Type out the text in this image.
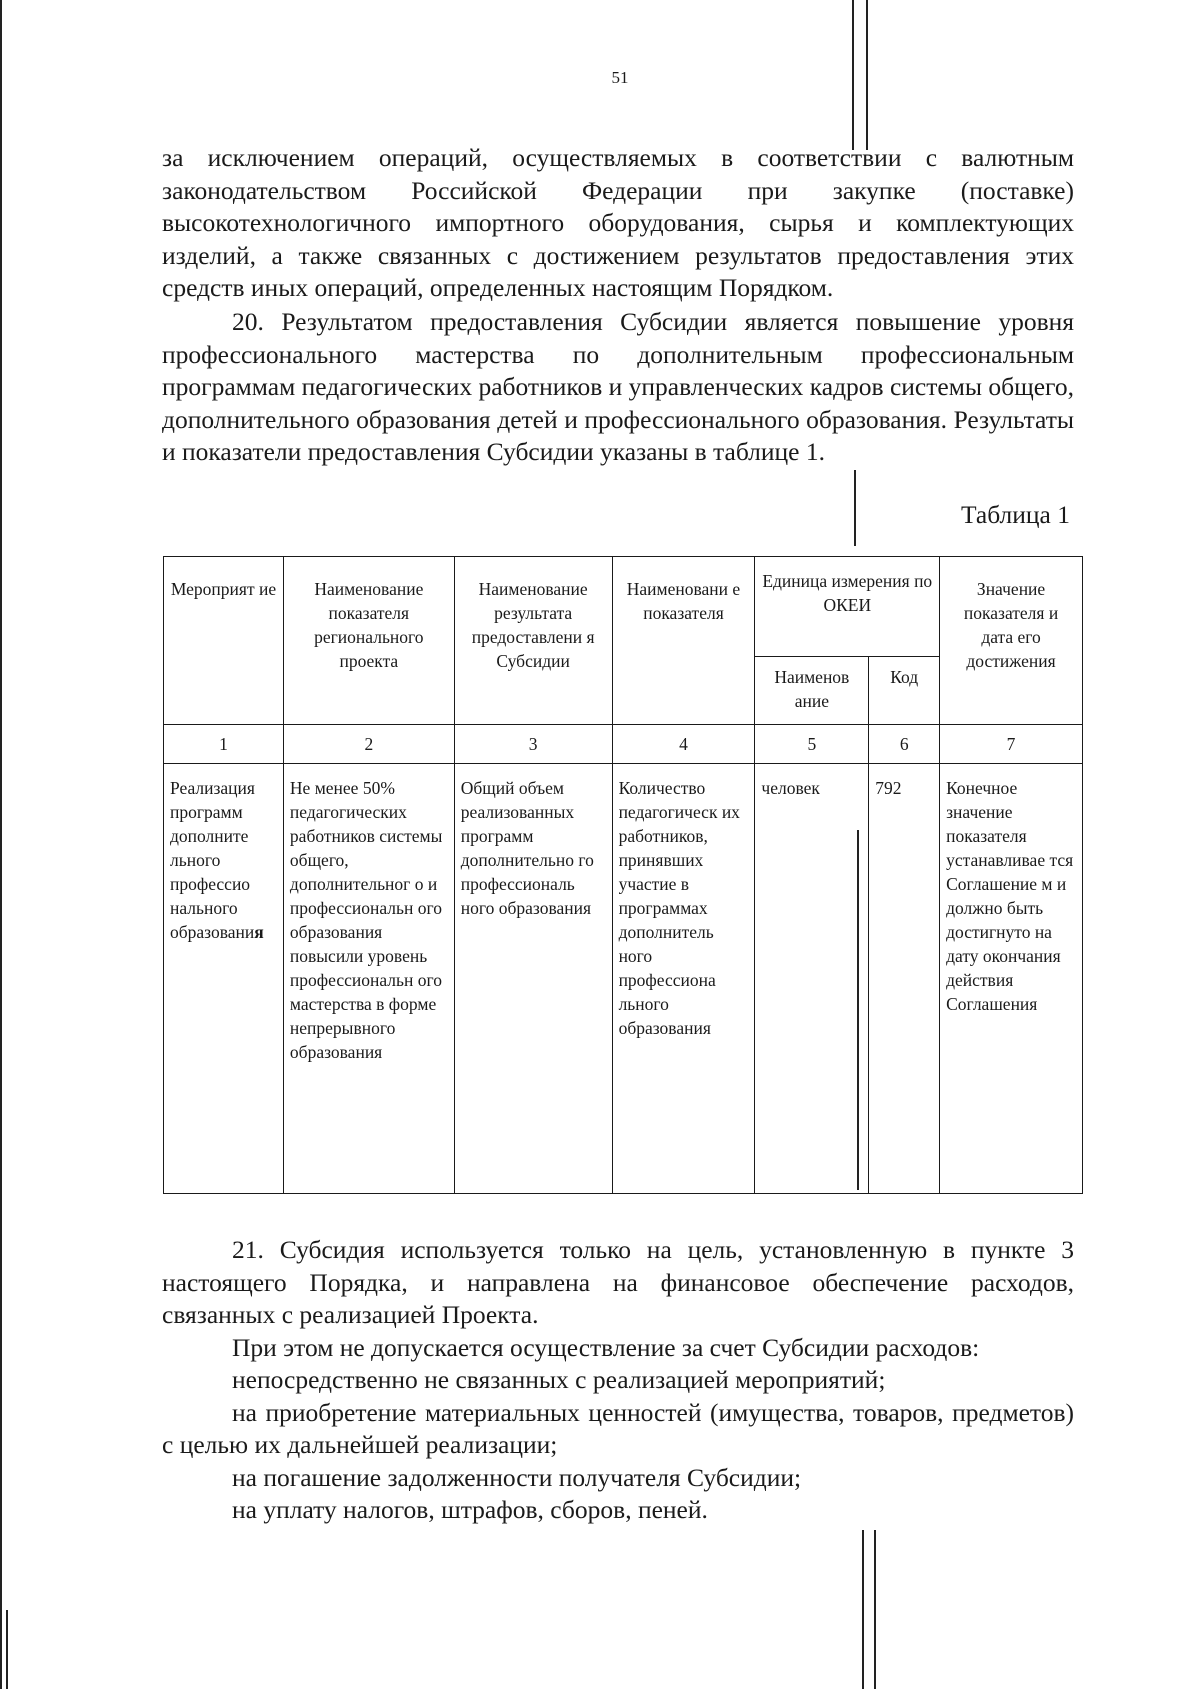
51

за исключением операций, осуществляемых в соответствии с валютным законодательством Российской Федерации при закупке (поставке) высокотехнологичного импортного оборудования, сырья и комплектующих изделий, а также связанных с достижением результатов предоставления этих средств иных операций, определенных настоящим Порядком.

20. Результатом предоставления Субсидии является повышение уровня профессионального мастерства по дополнительным профессиональным программам педагогических работников и управленческих кадров системы общего, дополнительного образования детей и профессионального образования. Результаты и показатели предоставления Субсидии указаны в таблице 1.

Таблица 1
Мероприят ие	Наименование показателя регионального проекта	Наименование результата предоставлени я Субсидии	Наименовани е показателя	Единица измерения по ОКЕИ		Значение показателя и дата его достижения
				Наименов ание	Код	
1	2	3	4	5	6	7
Реализация программ дополните льного профессио нального образования	Не менее 50% педагогических работников системы общего, дополнительног о и профессиональн ого образования повысили уровень профессиональн ого мастерства в форме непрерывного образования	Общий объем реализованных программ дополнительно го профессиональ ного образования	Количество педагогическ их работников, принявших участие в программах дополнитель ного профессиона льного образования	человек	792	Конечное значение показателя устанавливае тся Соглашение м и должно быть достигнуто на дату окончания действия Соглашения

21. Субсидия используется только на цель, установленную в пункте 3 настоящего Порядка, и направлена на финансовое обеспечение расходов, связанных с реализацией Проекта.

При этом не допускается осуществление за счет Субсидии расходов:

непосредственно не связанных с реализацией мероприятий;

на приобретение материальных ценностей (имущества, товаров, предметов) с целью их дальнейшей реализации;

на погашение задолженности получателя Субсидии;

на уплату налогов, штрафов, сборов, пеней.
